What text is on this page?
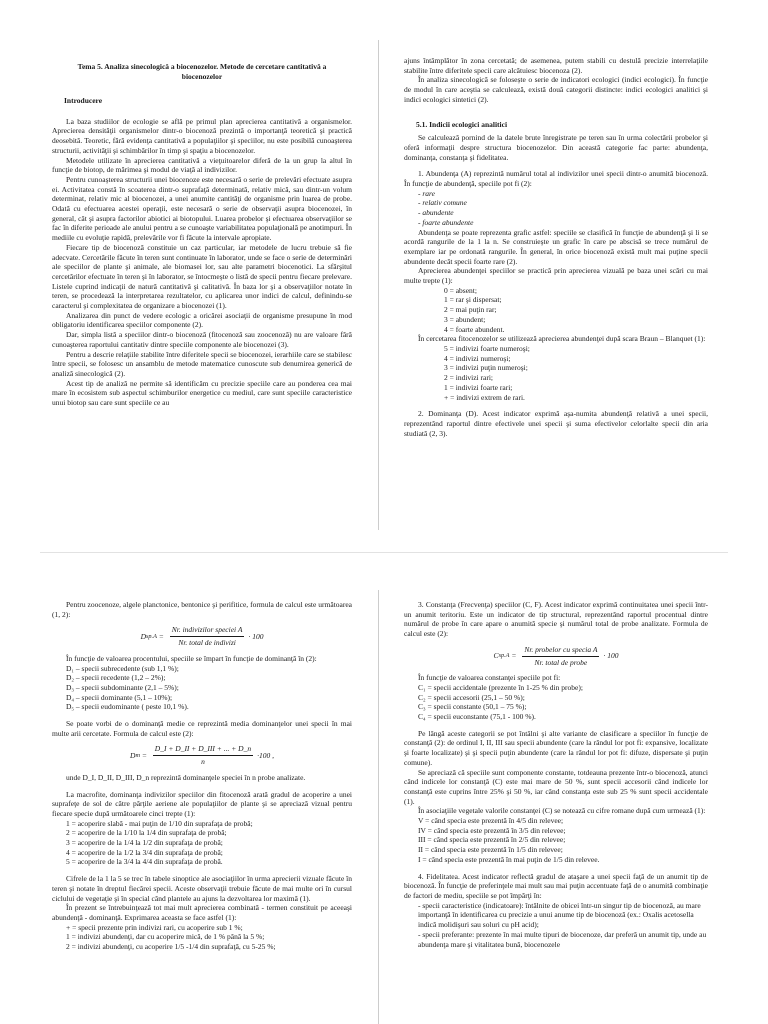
Tema 5. Analiza sinecologică a biocenozelor. Metode de cercetare cantitativă a biocenozelor
Introducere
La baza studiilor de ecologie se află pe primul plan aprecierea cantitativă a organismelor. Aprecierea densităţii organismelor dintr-o biocenoză prezintă o importanţă teoretică şi practică deosebită. Teoretic, fără evidenţa cantitativă a populaţiilor şi speciilor, nu este posibilă cunoaşterea structurii, activităţii şi schimbărilor în timp şi spaţiu a biocenozelor.
Metodele utilizate în aprecierea cantitativă a vieţuitoarelor diferă de la un grup la altul în funcţie de biotop, de mărimea şi modul de viaţă al indivizilor.
Pentru cunoaşterea structurii unei biocenoze este necesară o serie de prelevări efectuate asupra ei. Activitatea constă în scoaterea dintr-o suprafaţă determinată, relativ mică, sau dintr-un volum determinat, relativ mic al biocenozei, a unei anumite cantităţi de organisme prin luarea de probe. Odată cu efectuarea acestei operaţii, este necesară o serie de observaţii asupra biocenozei, în general, cât şi asupra factorilor abiotici ai biotopului. Luarea probelor şi efectuarea observaţiilor se fac în diferite perioade ale anului pentru a se cunoaşte variabilitatea populaţională pe anotimpuri. În mediile cu evoluţie rapidă, prelevările vor fi făcute la intervale apropiate.
Fiecare tip de biocenoză constituie un caz particular, iar metodele de lucru trebuie să fie adecvate. Cercetările făcute în teren sunt continuate în laborator, unde se face o serie de determinări ale speciilor de plante şi animale, ale biomasei lor, sau alte parametri biocenotici. La sfârşitul cercetărilor efectuate în teren şi în laborator, se întocmeşte o listă de specii pentru fiecare prelevare. Listele cuprind indicaţii de natură cantitativă şi calitativă. În baza lor şi a observaţiilor notate în teren, se procedează la interpretarea rezultatelor, cu aplicarea unor indici de calcul, definindu-se caracterul şi complexitatea de organizare a biocenozei (1).
Analizarea din punct de vedere ecologic a oricărei asociaţii de organisme presupune în mod obligatoriu identificarea speciilor componente (2).
Dar, simpla listă a speciilor dintr-o biocenoză (fitocenoză sau zoocenoză) nu are valoare fără cunoaşterea raportului cantitativ dintre speciile componente ale biocenozei (3).
Pentru a descrie relaţiile stabilite între diferitele specii se biocenozei, ierarhiile care se stabilesc între specii, se folosesc un ansamblu de metode matematice cunoscute sub denumirea generică de analiză sinecologică (2).
Acest tip de analiză ne permite să identificăm cu precizie speciile care au ponderea cea mai mare în ecosistem sub aspectul schimburilor energetice cu mediul, care sunt speciile caracteristice unui biotop sau care sunt speciile ce au
ajuns întâmplător în zona cercetată; de asemenea, putem stabili cu destulă precizie interrelaţiile stabilite între diferitele specii care alcătuiesc biocenoza (2).
În analiza sinecologică se folosește o serie de indicatori ecologici (indici ecologici). În funcţie de modul în care aceştia se calculează, există două categorii distincte: indici ecologici analitici şi indici ecologici sintetici (2).
5.1. Indicii ecologici analitici
Se calculează pornind de la datele brute înregistrate pe teren sau în urma colectării probelor şi oferă informaţii despre structura biocenozelor. Din această categorie fac parte: abundenţa, dominanţa, constanţa şi fidelitatea.
1. Abundenţa (A) reprezintă numărul total al indivizilor unei specii dintr-o anumită biocenoză. În funcţie de abundenţă, speciile pot fi (2):
- rare
- relativ comune
- abundente
- foarte abundente
Abundenţa se poate reprezenta grafic astfel: speciile se clasifică în funcţie de abundenţă şi li se acordă rangurile de la 1 la n. Se construieşte un grafic în care pe abscisă se trece numărul de exemplare iar pe ordonată rangurile. În general, în orice biocenoză există mult mai puţine specii abundente decât specii foarte rare (2).
Aprecierea abundenţei speciilor se practică prin aprecierea vizuală pe baza unei scări cu mai multe trepte (1):
0 = absent;
1 = rar şi dispersat;
2 = mai puţin rar;
3 = abundent;
4 = foarte abundent.
În cercetarea fitocenozelor se utilizează aprecierea abundenţei după scara Braun – Blanquet (1):
5 = indivizi foarte numeroşi;
4 = indivizi numeroşi;
3 = indivizi puţin numeroşi;
2 = indivizi rari;
1 = indivizi foarte rari;
+ = indivizi extrem de rari.
2. Dominanţa (D). Acest indicator exprimă aşa-numita abundenţă relativă a unei specii, reprezentând raportul dintre efectivele unei specii şi suma efectivelor celorlalte specii din aria studiată (2, 3).
Pentru zoocenoze, algele planctonice, bentonice şi perifitice, formula de calcul este următoarea (1, 2):
D $sp.A = \frac{\text{Nr. indivizilor speciei A}}{\text{Nr. total de indivizi}} \cdot 100$
În funcţie de valoarea procentului, speciile se împart în funcţie de dominanţă în (2):
D₁ – specii subrecedente (sub 1,1 %);
D₂ – specii recedente (1,2 – 2%);
D₃ – specii subdominante (2,1 – 5%);
D₄ – specii dominante (5,1 – 10%);
D₅ – specii eudominante ( peste 10,1 %).
Se poate vorbi de o dominanţă medie ce reprezintă media dominanţelor unei specii în mai multe arii cercetate. Formula de calcul este (2):
D $m = \frac{\text{D\_I + D\_II + D\_III + ... + D\_n}}{n} \cdot 100$ ,
unde D_I, D_II, D_III, D_n reprezintă dominanţele speciei în n probe analizate.
La macrofite, dominanţa indivizilor speciilor din fitocenoză arată gradul de acoperire a unei suprafeţe de sol de către părţile aeriene ale populaţiilor de plante şi se apreciază vizual pentru fiecare specie după următoarele cinci trepte (1):
1 = acoperire slabă - mai puţin de 1/10 din suprafaţa de probă;
2 = acoperire de la 1/10 la 1/4 din suprafaţa de probă;
3 = acoperire de la 1/4 la 1/2 din suprafaţa de probă;
4 = acoperire de la 1/2 la 3/4 din suprafaţa de probă;
5 = acoperire de la 3/4 la 4/4 din suprafaţa de probă.
Cifrele de la 1 la 5 se trec în tabele sinoptice ale asociaţiilor în urma aprecierii vizuale făcute în teren şi notate în dreptul fiecărei specii. Aceste observaţii trebuie făcute de mai multe ori în cursul ciclului de vegetaţie şi în special când plantele au ajuns la dezvoltarea lor maximă (1).
În prezent se întrebuinţează tot mai mult aprecierea combinată - termen constituit pe aceeaşi abundenţă - dominanţă. Exprimarea aceasta se face astfel (1):
+ = specii prezente prin indivizi rari, cu acoperire sub 1 %;
1 = indivizi abundenţi, dar cu acoperire mică, de 1 % până la 5 %;
2 = indivizi abundenţi, cu acoperire 1/5 -1/4 din suprafaţă, cu 5-25 %;
3. Constanţa (Frecvenţa) speciilor (C, F). Acest indicator exprimă continuitatea unei specii într-un anumit teritoriu. Este un indicator de tip structural, reprezentând raportul procentual dintre numărul de probe în care apare o anumită specie şi numărul total de probe analizate. Formula de calcul este (2):
C $sp.A = \frac{\text{Nr. probelor cu specia A}}{\text{Nr. total de probe}} \cdot 100$
În funcţie de valoarea constanţei speciile pot fi:
C₁ = specii accidentale (prezente în 1-25 % din probe);
C₂ = specii accesorii (25,1 – 50 %);
C₃ = specii constante (50,1 – 75 %);
C₄ = specii euconstante (75,1 - 100 %).
Pe lângă aceste categorii se pot întâlni şi alte variante de clasificare a speciilor în funcţie de constanţă (2): de ordinul I, II, III sau specii abundente (care la rândul lor pot fi: expansive, localizate şi foarte localizate) şi şi specii puţin abundente (care la rândul lor pot fi: difuze, dispersate şi puţin comune).
Se apreciază că speciile sunt componente constante, totdeauna prezente într-o biocenoză, atunci când indicele lor constanţă (C) este mai mare de 50 %, sunt specii accesorii când indicele lor constanţă este cuprins între 25% şi 50 %, iar când constanţa este sub 25 % sunt specii accidentale (1).
În asociaţiile vegetale valorile constanţei (C) se notează cu cifre romane după cum urmează (1):
V = când specia este prezentă în 4/5 din relevee;
IV = când specia este prezentă în 3/5 din relevee;
III = când specia este prezentă în 2/5 din relevee;
II = când specia este prezentă în 1/5 din relevee;
I = când specia este prezentă în mai puţin de 1/5 din relevee.
4. Fidelitatea. Acest indicator reflectă gradul de ataşare a unei specii faţă de un anumit tip de biocenoză. În funcţie de preferinţele mai mult sau mai puţin accentuate faţă de o anumită combinaţie de factori de mediu, speciile se pot împărţi în:
- specii caracteristice (indicatoare): întâlnite de obicei într-un singur tip de biocenoză, au mare importanţă în identificarea cu precizie a unui anume tip de biocenoză (ex.: Oxalis acetosella indică molidişuri sau soluri cu pH acid);
- specii preferante: prezente în mai multe tipuri de biocenoze, dar preferă un anumit tip, unde au abundenţa mare şi vitalitatea bună, biocenozele
